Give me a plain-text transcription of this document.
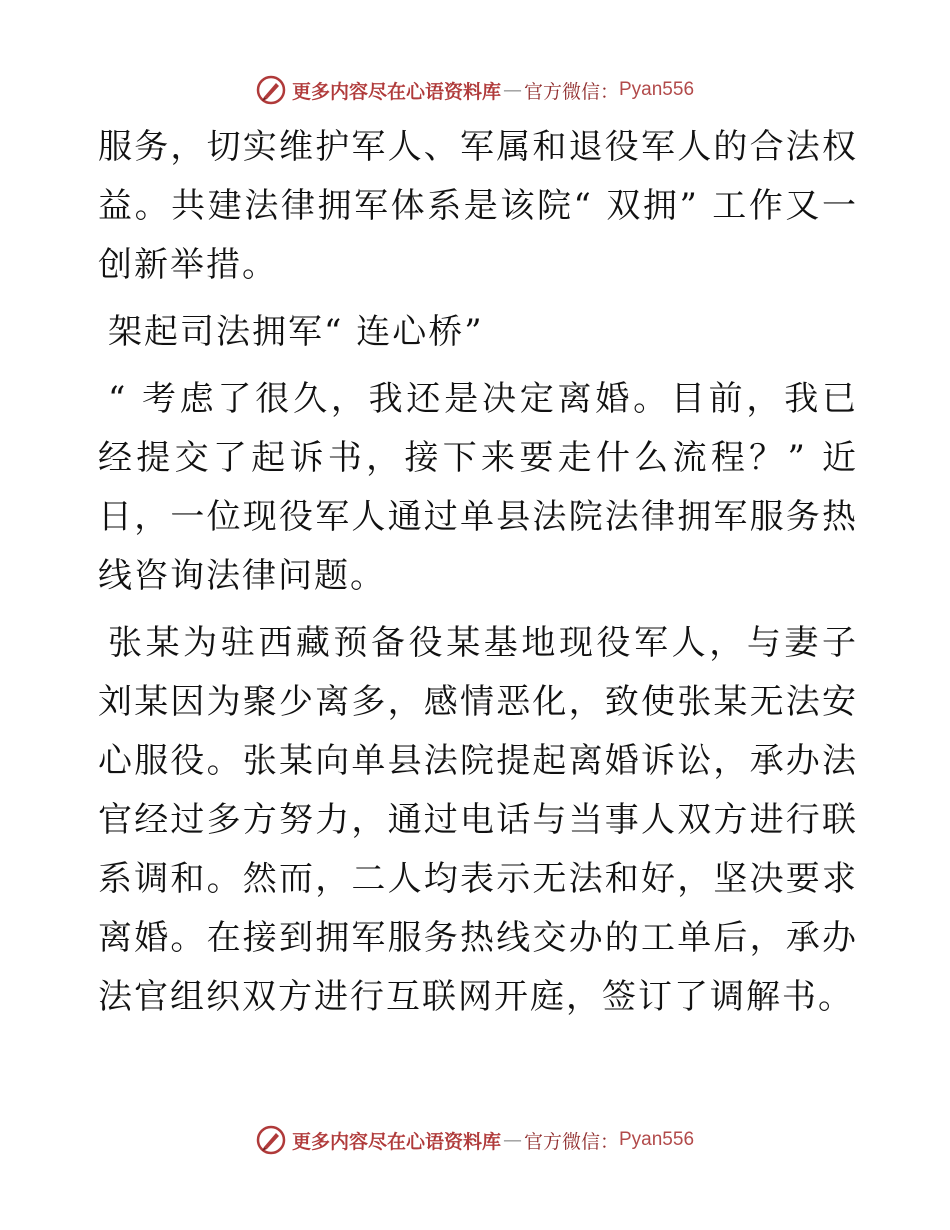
更多内容尽在心语资料库 — 官方微信： Pyan556

服务，切实维护军人、军属和退役军人的合法权益。共建法律拥军体系是该院“ 双拥” 工作又一创新举措。

架起司法拥军“ 连心桥”

“ 考虑了很久，我还是决定离婚。目前，我已经提交了起诉书，接下来要走什么流程？” 近日，一位现役军人通过单县法院法律拥军服务热线咨询法律问题。

张某为驻西藏预备役某基地现役军人，与妻子刘某因为聚少离多，感情恶化，致使张某无法安心服役。张某向单县法院提起离婚诉讼，承办法官经过多方努力，通过电话与当事人双方进行联系调和。然而，二人均表示无法和好，坚决要求离婚。在接到拥军服务热线交办的工单后，承办法官组织双方进行互联网开庭，签订了调解书。

更多内容尽在心语资料库 — 官方微信： Pyan556
